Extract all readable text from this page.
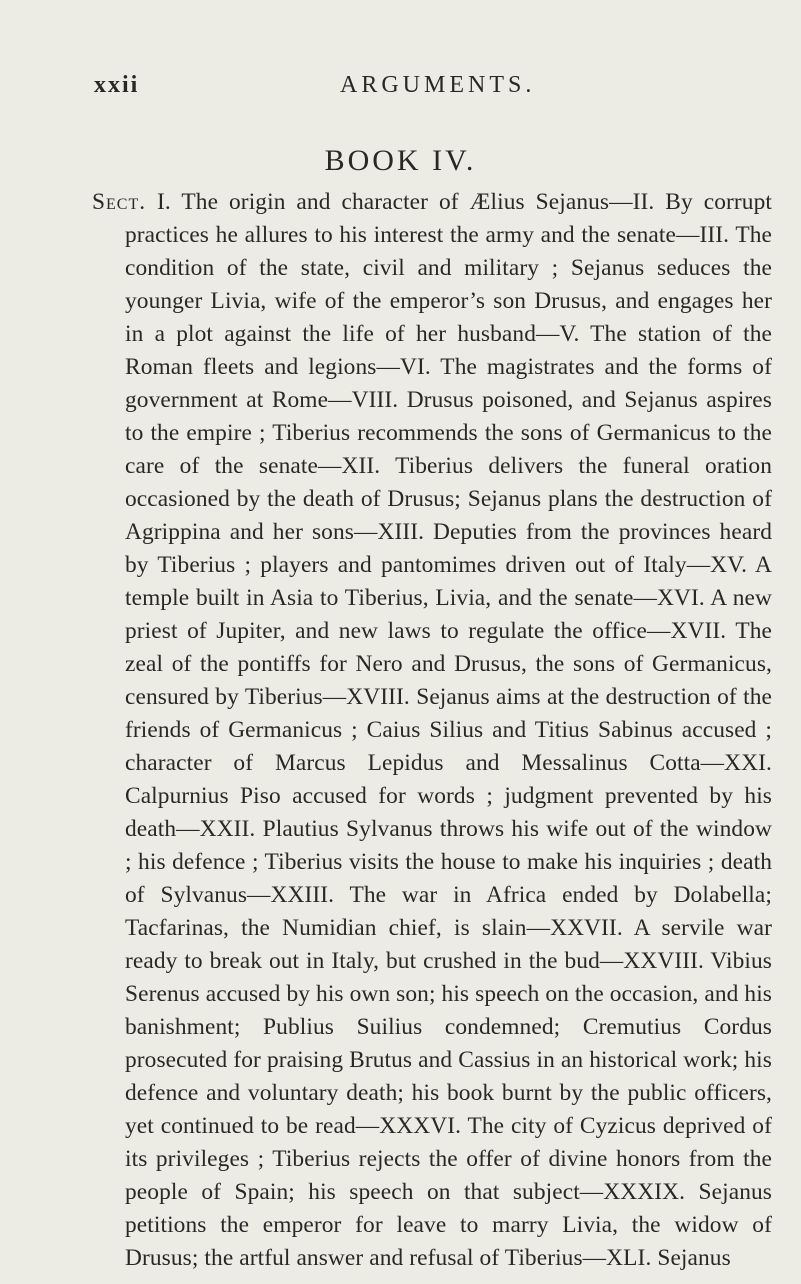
xxii	ARGUMENTS.
BOOK IV.

Sect. I. The origin and character of Ælius Sejanus—II. By corrupt practices he allures to his interest the army and the senate—III. The condition of the state, civil and military ; Sejanus seduces the younger Livia, wife of the emperor’s son Drusus, and engages her in a plot against the life of her husband—V. The station of the Roman fleets and legions—VI. The magistrates and the forms of government at Rome—VIII. Drusus poisoned, and Sejanus aspires to the empire ; Tiberius recommends the sons of Germanicus to the care of the senate—XII. Tiberius delivers the funeral oration occasioned by the death of Drusus; Sejanus plans the destruction of Agrippina and her sons—XIII. Deputies from the provinces heard by Tiberius ; players and pantomimes driven out of Italy—XV. A temple built in Asia to Tiberius, Livia, and the senate—XVI. A new priest of Jupiter, and new laws to regulate the office—XVII. The zeal of the pontiffs for Nero and Drusus, the sons of Germanicus, censured by Tiberius—XVIII. Sejanus aims at the destruction of the friends of Germanicus ; Caius Silius and Titius Sabinus accused ; character of Marcus Lepidus and Messalinus Cotta—XXI. Calpurnius Piso accused for words ; judgment prevented by his death—XXII. Plautius Sylvanus throws his wife out of the window ; his defence ; Tiberius visits the house to make his inquiries ; death of Sylvanus—XXIII. The war in Africa ended by Dolabella; Tacfarinas, the Numidian chief, is slain—XXVII. A servile war ready to break out in Italy, but crushed in the bud—XXVIII. Vibius Serenus accused by his own son; his speech on the occasion, and his banishment; Publius Suilius condemned; Cremutius Cordus prosecuted for praising Brutus and Cassius in an historical work; his defence and voluntary death; his book burnt by the public officers, yet continued to be read—XXXVI. The city of Cyzicus deprived of its privileges ; Tiberius rejects the offer of divine honors from the people of Spain; his speech on that subject—XXXIX. Sejanus petitions the emperor for leave to marry Livia, the widow of Drusus; the artful answer and refusal of Tiberius—XLI. Sejanus
